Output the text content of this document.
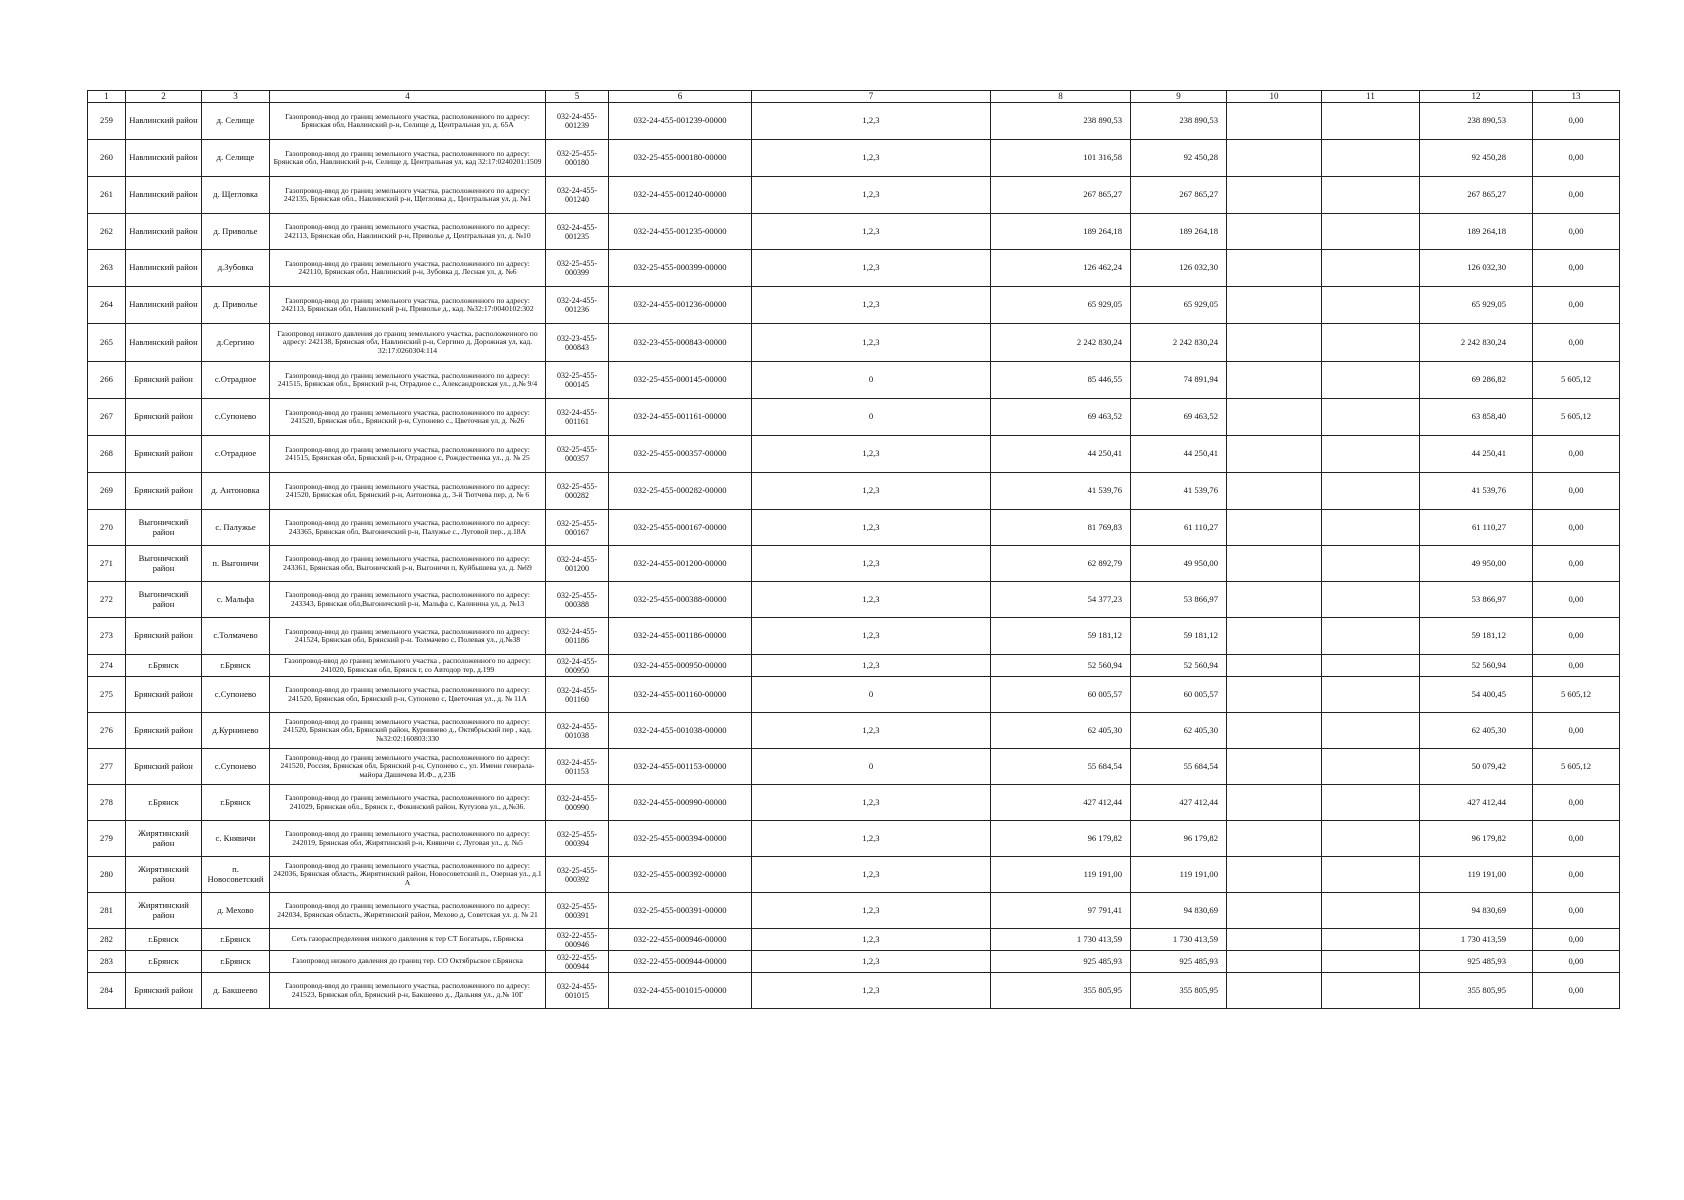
1	2	3	4	5	6	7	8	9	10	11	12	13
259	Навлинский район	д. Селище	Газопровод-ввод до границ земельного участка, расположенного по адресу: Брянская обл, Навлинский р-н, Селище д, Центральная ул, д. 65А	032-24-455-001239	032-24-455-001239-00000	1,2,3	238 890,53	238 890,53			238 890,53	0,00
260	Навлинский район	д. Селище	Газопровод-ввод до границ земельного участка, расположенного по адресу: Брянская обл, Навлинский р-н, Селище д, Центральная ул, кад 32:17:0240201:1509	032-25-455-000180	032-25-455-000180-00000	1,2,3	101 316,58	92 450,28			92 450,28	0,00
261	Навлинский район	д. Щегловка	Газопровод-ввод до границ земельного участка, расположенного по адресу: 242135, Брянская обл., Навлинский р-н, Щегловка д., Центральная ул, д. №1	032-24-455-001240	032-24-455-001240-00000	1,2,3	267 865,27	267 865,27			267 865,27	0,00
262	Навлинский район	д. Приволье	Газопровод-ввод до границ земельного участка, расположенного по адресу: 242113, Брянская обл, Навлинский р-н, Приволье д, Центральная ул, д. №10	032-24-455-001235	032-24-455-001235-00000	1,2,3	189 264,18	189 264,18			189 264,18	0,00
263	Навлинский район	д.Зубовка	Газопровод-ввод до границ земельного участка, расположенного по адресу: 242110, Брянская обл, Навлинский р-н, Зубовка д, Лесная ул, д. №6	032-25-455-000399	032-25-455-000399-00000	1,2,3	126 462,24	126 032,30			126 032,30	0,00
264	Навлинский район	д. Приволье	Газопровод-ввод до границ земельного участка, расположенного по адресу: 242113, Брянская обл, Навлинский р-н, Приволье д., кад. №32:17:0040102:302	032-24-455-001236	032-24-455-001236-00000	1,2,3	65 929,05	65 929,05			65 929,05	0,00
265	Навлинский район	д.Сергино	Газопровод низкого давления до границ земельного участка, расположенного по адресу: 242138, Брянская обл, Навлинский р-н, Сергино д, Дорожная ул, кад. 32:17:0260304:114	032-23-455-000843	032-23-455-000843-00000	1,2,3	2 242 830,24	2 242 830,24			2 242 830,24	0,00
266	Брянский район	с.Отрадное	Газопровод-ввод до границ земельного участка, расположенного по адресу: 241515, Брянская обл., Брянский р-н, Отрадное с., Александровская ул., д.№ 9/4	032-25-455-000145	032-25-455-000145-00000	0	85 446,55	74 891,94			69 286,82	5 605,12
267	Брянский район	с.Супонево	Газопровод-ввод до границ земельного участка, расположенного по адресу: 241520, Брянская обл., Брянский р-н, Супонево с., Цветочная ул, д. №26	032-24-455-001161	032-24-455-001161-00000	0	69 463,52	69 463,52			63 858,40	5 605,12
268	Брянский район	с.Отрадное	Газопровод-ввод до границ земельного участка, расположенного по адресу: 241515, Брянская обл, Брянский р-н, Отрадное с, Рождественка ул., д. № 25	032-25-455-000357	032-25-455-000357-00000	1,2,3	44 250,41	44 250,41			44 250,41	0,00
269	Брянский район	д. Антоновка	Газопровод-ввод до границ земельного участка, расположенного по адресу: 241520, Брянская обл, Брянский р-н, Антоновка д., 3-й Тютчева пер, д. № 6	032-25-455-000282	032-25-455-000282-00000	1,2,3	41 539,76	41 539,76			41 539,76	0,00
270	Выгоничский район	с. Палужье	Газопровод-ввод до границ земельного участка, расположенного по адресу: 243365, Брянская обл, Выгоничский р-н, Палужье с., Луговой пер., д.18А	032-25-455-000167	032-25-455-000167-00000	1,2,3	81 769,83	61 110,27			61 110,27	0,00
271	Выгоничский район	п. Выгоничи	Газопровод-ввод до границ земельного участка, расположенного по адресу: 243361, Брянская обл, Выгоничский р-н, Выгоничи п, Куйбышева ул, д. №69	032-24-455-001200	032-24-455-001200-00000	1,2,3	62 892,79	49 950,00			49 950,00	0,00
272	Выгоничский район	с. Мальфа	Газопровод-ввод до границ земельного участка, расположенного по адресу: 243343, Брянская обл,Выгоничский р-н, Мальфа с, Калинина ул, д. №13	032-25-455-000388	032-25-455-000388-00000	1,2,3	54 377,23	53 866,97			53 866,97	0,00
273	Брянский район	с.Толмачево	Газопровод-ввод до границ земельного участка, расположенного по адресу: 241524, Брянская обл, Брянский р-н. Толмачево с, Полевая ул., д.№38	032-24-455-001186	032-24-455-001186-00000	1,2,3	59 181,12	59 181,12			59 181,12	0,00
274	г.Брянск	г.Брянск	Газопровод-ввод до границ земельного участка , расположенного по адресу: 241020, Брянская обл, Брянск г, со Автодор тер, д.199	032-24-455-000950	032-24-455-000950-00000	1,2,3	52 560,94	52 560,94			52 560,94	0,00
275	Брянский район	с.Супонево	Газопровод-ввод до границ земельного участка, расположенного по адресу: 241520, Брянская обл, Брянский р-н, Супонево с, Цветочная ул., д. № 11А	032-24-455-001160	032-24-455-001160-00000	0	60 005,57	60 005,57			54 400,45	5 605,12
276	Брянский район	д.Курнинево	Газопровод-ввод до границ земельного участка, расположенного по адресу: 241520, Брянская обл, Брянский район, Курнинево д., Октябрьский пер , кад.№32:02:160803:330	032-24-455-001038	032-24-455-001038-00000	1,2,3	62 405,30	62 405,30			62 405,30	0,00
277	Брянский район	с.Супонево	Газопровод-ввод до границ земельного участка, расположенного по адресу: 241520, Россия, Брянская обл, Брянский р-н, Супонево с., ул. Имени генерала-майора Дашичева И.Ф., д.23Б	032-24-455-001153	032-24-455-001153-00000	0	55 684,54	55 684,54			50 079,42	5 605,12
278	г.Брянск	г.Брянск	Газопровод-ввод до границ земельного участка, расположенного по адресу: 241029, Брянская обл., Брянск г., Фокинский район, Кутузова ул., д.№36.	032-24-455-000990	032-24-455-000990-00000	1,2,3	427 412,44	427 412,44			427 412,44	0,00
279	Жирятинский район	с. Княвичи	Газопровод-ввод до границ земельного участка, расположенного по адресу: 242019, Брянская обл, Жирятинский р-н, Княвичи с, Луговая ул., д. №5	032-25-455-000394	032-25-455-000394-00000	1,2,3	96 179,82	96 179,82			96 179,82	0,00
280	Жирятинский район	п. Новосоветский	Газопровод-ввод до границ земельного участка, расположенного по адресу: 242036, Брянская область, Жирятинский район, Новосоветский п., Озерная ул., д.1 А	032-25-455-000392	032-25-455-000392-00000	1,2,3	119 191,00	119 191,00			119 191,00	0,00
281	Жирятинский район	д. Мехово	Газопровод-ввод до границ земельного участка, расположенного по адресу: 242034, Брянская область, Жирятинский район, Мехово д, Советская ул. д. № 21	032-25-455-000391	032-25-455-000391-00000	1,2,3	97 791,41	94 830,69			94 830,69	0,00
282	г.Брянск	г.Брянск	Сеть газораспределения низкого давления к тер СТ Богатырь, г.Брянска	032-22-455-000946	032-22-455-000946-00000	1,2,3	1 730 413,59	1 730 413,59			1 730 413,59	0,00
283	г.Брянск	г.Брянск	Газопровод низкого давления до границ тер. СО Октябрьское г.Брянска	032-22-455-000944	032-22-455-000944-00000	1,2,3	925 485,93	925 485,93			925 485,93	0,00
284	Брянский район	д. Бакшеево	Газопровод-ввод до границ земельного участка, расположенного по адресу: 241523, Брянская обл, Брянский р-н, Бакшеево д., Дальняя ул., д.№ 10Г	032-24-455-001015	032-24-455-001015-00000	1,2,3	355 805,95	355 805,95			355 805,95	0,00
